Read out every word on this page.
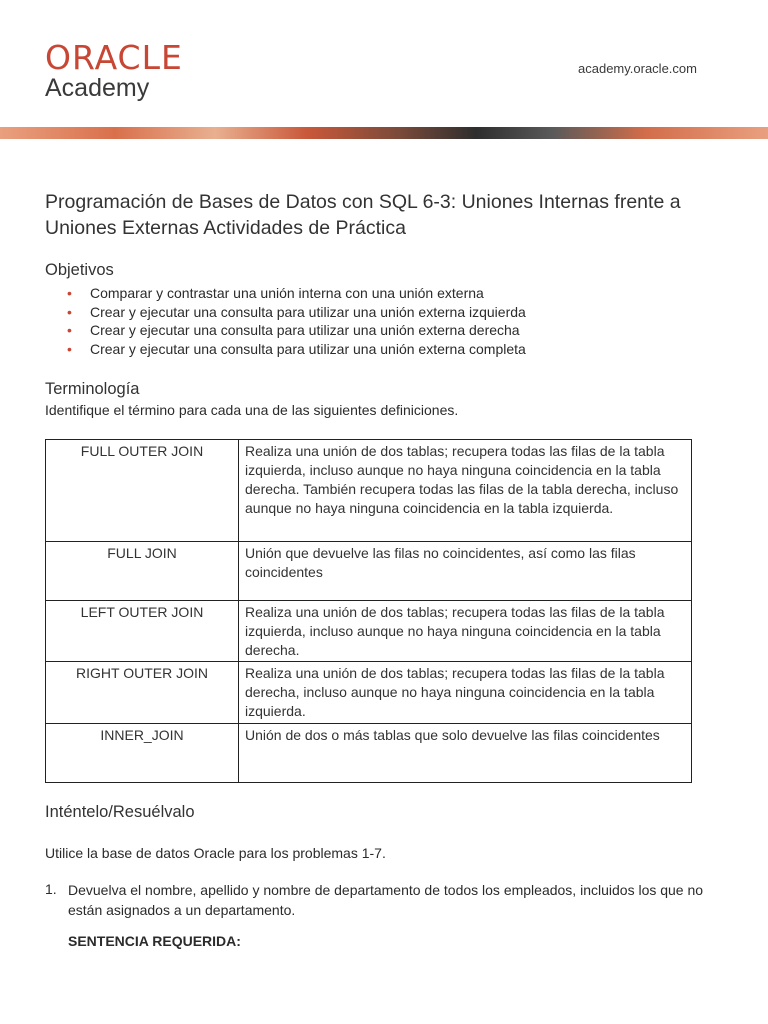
ORACLE
Academy
academy.oracle.com
Programación de Bases de Datos con SQL 6-3: Uniones Internas frente a Uniones Externas Actividades de Práctica
Objetivos
• Comparar y contrastar una unión interna con una unión externa
• Crear y ejecutar una consulta para utilizar una unión externa izquierda
• Crear y ejecutar una consulta para utilizar una unión externa derecha
• Crear y ejecutar una consulta para utilizar una unión externa completa
Terminología

Identifique el término para cada una de las siguientes definiciones.

FULL OUTER JOIN	Realiza una unión de dos tablas; recupera todas las filas de la tabla izquierda, incluso aunque no haya ninguna coincidencia en la tabla derecha. También recupera todas las filas de la tabla derecha, incluso aunque no haya ninguna coincidencia en la tabla izquierda.
FULL JOIN	Unión que devuelve las filas no coincidentes, así como las filas coincidentes
LEFT OUTER JOIN	Realiza una unión de dos tablas; recupera todas las filas de la tabla izquierda, incluso aunque no haya ninguna coincidencia en la tabla derecha.
RIGHT OUTER JOIN	Realiza una unión de dos tablas; recupera todas las filas de la tabla derecha, incluso aunque no haya ninguna coincidencia en la tabla izquierda.
INNER_JOIN	Unión de dos o más tablas que solo devuelve las filas coincidentes
Inténtelo/Resuélvalo

Utilice la base de datos Oracle para los problemas 1-7.

1. Devuelva el nombre, apellido y nombre de departamento de todos los empleados, incluidos los que no están asignados a un departamento.

SENTENCIA REQUERIDA:
